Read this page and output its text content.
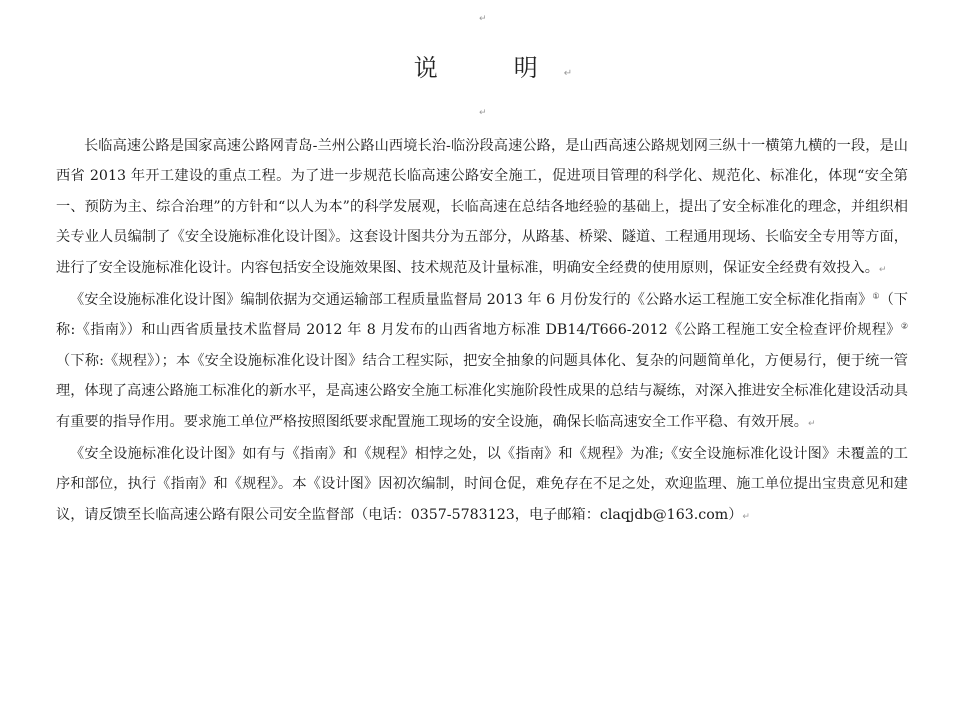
↵
说　明↵
↵

长临高速公路是国家高速公路网青岛-兰州公路山西境长治-临汾段高速公路，是山西高速公路规划网三纵十一横第九横的一段，是山西省 2013 年开工建设的重点工程。为了进一步规范长临高速公路安全施工，促进项目管理的科学化、规范化、标准化，体现“安全第一、预防为主、综合治理”的方针和“以人为本”的科学发展观，长临高速在总结各地经验的基础上，提出了安全标准化的理念，并组织相关专业人员编制了《安全设施标准化设计图》。这套设计图共分为五部分，从路基、桥梁、隧道、工程通用现场、长临安全专用等方面，进行了安全设施标准化设计。内容包括安全设施效果图、技术规范及计量标准，明确安全经费的使用原则，保证安全经费有效投入。↵

《安全设施标准化设计图》编制依据为交通运输部工程质量监督局 2013 年 6 月份发行的《公路水运工程施工安全标准化指南》①（下称:《指南》）和山西省质量技术监督局 2012 年 8 月发布的山西省地方标准 DB14/T666-2012《公路工程施工安全检查评价规程》②（下称:《规程》）；本《安全设施标准化设计图》结合工程实际，把安全抽象的问题具体化、复杂的问题简单化，方便易行，便于统一管理，体现了高速公路施工标准化的新水平，是高速公路安全施工标准化实施阶段性成果的总结与凝练，对深入推进安全标准化建设活动具有重要的指导作用。要求施工单位严格按照图纸要求配置施工现场的安全设施，确保长临高速安全工作平稳、有效开展。↵

《安全设施标准化设计图》如有与《指南》和《规程》相悖之处，以《指南》和《规程》为准;《安全设施标准化设计图》未覆盖的工序和部位，执行《指南》和《规程》。本《设计图》因初次编制，时间仓促，难免存在不足之处，欢迎监理、施工单位提出宝贵意见和建议，请反馈至长临高速公路有限公司安全监督部（电话：0357-5783123，电子邮箱：claqjdb@163.com）↵
